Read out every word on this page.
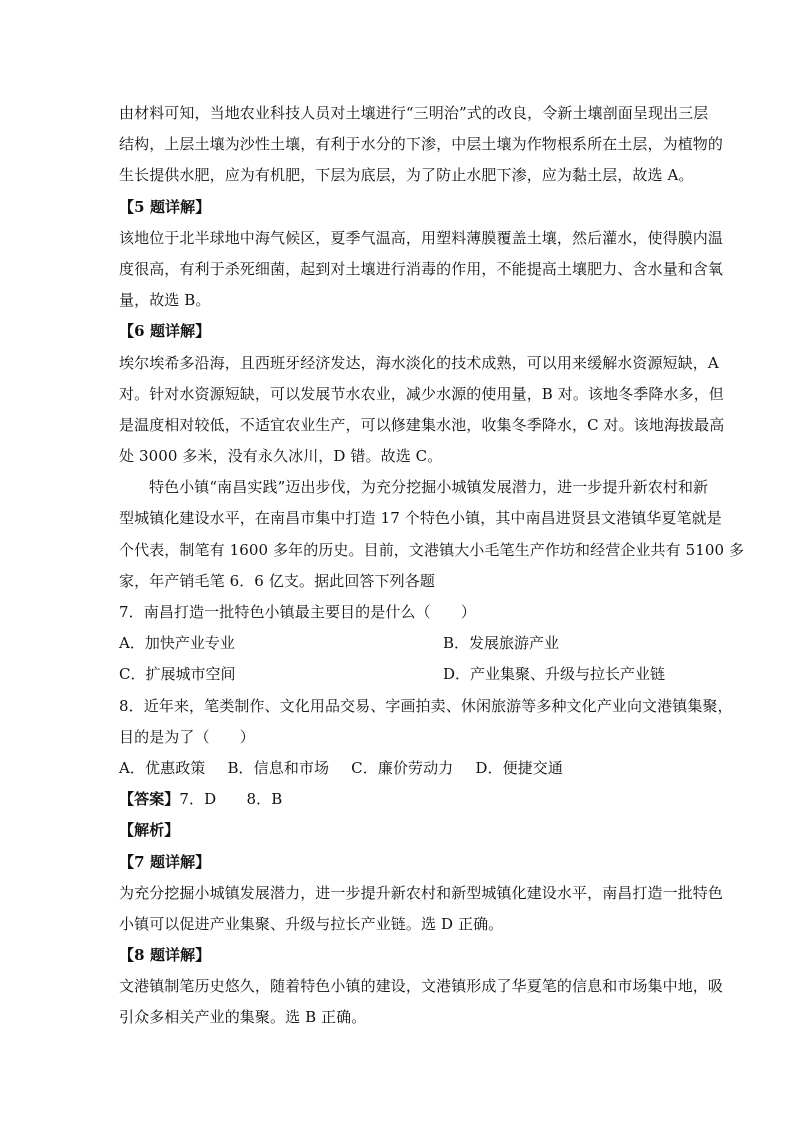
由材料可知，当地农业科技人员对土壤进行“三明治”式的改良，令新土壤剖面呈现出三层
结构，上层土壤为沙性土壤，有利于水分的下渗，中层土壤为作物根系所在土层，为植物的
生长提供水肥，应为有机肥，下层为底层，为了防止水肥下渗，应为黏土层，故选 A。
【5 题详解】
该地位于北半球地中海气候区，夏季气温高，用塑料薄膜覆盖土壤，然后灌水，使得膜内温
度很高，有利于杀死细菌，起到对土壤进行消毒的作用，不能提高土壤肥力、含水量和含氧
量，故选 B。
【6 题详解】
埃尔埃希多沿海，且西班牙经济发达，海水淡化的技术成熟，可以用来缓解水资源短缺，A
对。针对水资源短缺，可以发展节水农业，减少水源的使用量，B 对。该地冬季降水多，但
是温度相对较低，不适宜农业生产，可以修建集水池，收集冬季降水，C 对。该地海拔最高
处 3000 多米，没有永久冰川，D 错。故选 C。
特色小镇“南昌实践”迈出步伐，为充分挖掘小城镇发展潜力，进一步提升新农村和新
型城镇化建设水平，在南昌市集中打造 17 个特色小镇，其中南昌进贤县文港镇华夏笔就是
个代表，制笔有 1600 多年的历史。目前，文港镇大小毛笔生产作坊和经营企业共有 5100 多
家，年产销毛笔 6．6 亿支。据此回答下列各题
7．南昌打造一批特色小镇最主要目的是什么（　　）
A．加快产业专业	B．发展旅游产业
C．扩展城市空间	D．产业集聚、升级与拉长产业链
8．近年来，笔类制作、文化用品交易、字画拍卖、休闲旅游等多种文化产业向文港镇集聚，
目的是为了（　　）
A．优惠政策 B．信息和市场 C．廉价劳动力 D．便捷交通
【答案】7．D　　8．B
【解析】
【7 题详解】
为充分挖掘小城镇发展潜力，进一步提升新农村和新型城镇化建设水平，南昌打造一批特色
小镇可以促进产业集聚、升级与拉长产业链。选 D 正确。
【8 题详解】
文港镇制笔历史悠久，随着特色小镇的建设，文港镇形成了华夏笔的信息和市场集中地，吸
引众多相关产业的集聚。选 B 正确。
